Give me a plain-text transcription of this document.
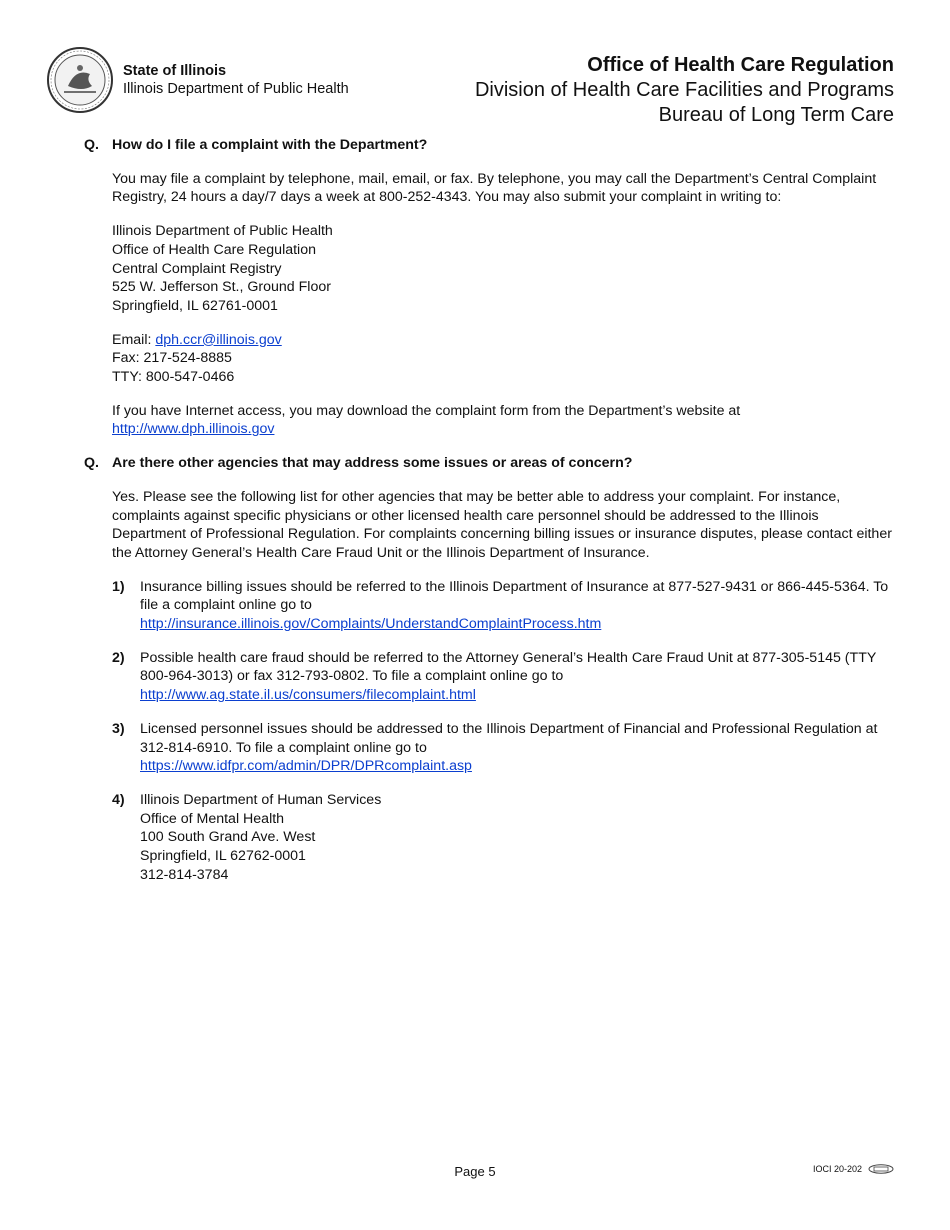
State of Illinois
Illinois Department of Public Health
Office of Health Care Regulation
Division of Health Care Facilities and Programs
Bureau of Long Term Care
Q. How do I file a complaint with the Department?

You may file a complaint by telephone, mail, email, or fax. By telephone, you may call the Department’s Central Complaint Registry, 24 hours a day/7 days a week at 800-252-4343. You may also submit your complaint in writing to:

Illinois Department of Public Health
Office of Health Care Regulation
Central Complaint Registry
525 W. Jefferson St., Ground Floor
Springfield, IL 62761-0001
Email: dph.ccr@illinois.gov
Fax: 217-524-8885
TTY: 800-547-0466
If you have Internet access, you may download the complaint form from the Department’s website at
http://www.dph.illinois.gov
Q. Are there other agencies that may address some issues or areas of concern?

Yes. Please see the following list for other agencies that may be better able to address your complaint. For instance, complaints against specific physicians or other licensed health care personnel should be addressed to the Illinois Department of Professional Regulation. For complaints concerning billing issues or insurance disputes, please contact either the Attorney General’s Health Care Fraud Unit or the Illinois Department of Insurance.

1)	Insurance billing issues should be referred to the Illinois Department of Insurance at 877-527-9431 or 866-445-5364. To file a complaint online go to
http://insurance.illinois.gov/Complaints/UnderstandComplaintProcess.htm
2)	Possible health care fraud should be referred to the Attorney General’s Health Care Fraud Unit at 877-305-5145 (TTY 800-964-3013) or fax 312-793-0802. To file a complaint online go to
http://www.ag.state.il.us/consumers/filecomplaint.html
3)	Licensed personnel issues should be addressed to the Illinois Department of Financial and Professional Regulation at 312-814-6910. To file a complaint online go to
https://www.idfpr.com/admin/DPR/DPRcomplaint.asp
4)	Illinois Department of Human Services
Office of Mental Health
100 South Grand Ave. West
Springfield, IL 62762-0001
312-814-3784
Page 5	IOCI 20-202
